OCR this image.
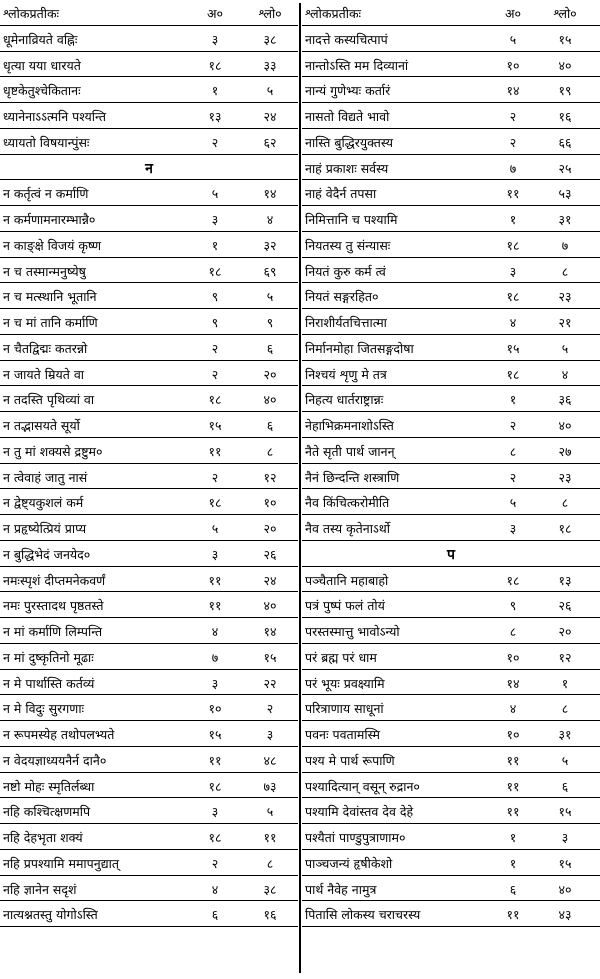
श्लोकप्रतीकः	अ०	श्लो०
धूमेनाव्रियते वह्निः	३	३८
धृत्या यया धारयते	१८	३३
धृष्टकेतुश्चेकितानः	१	५
ध्यानेनाऽऽत्मनि पश्यन्ति	१३	२४
ध्यायतो विषयान्पुंसः	२	६२
न
न कर्तृत्वं न कर्माणि	५	१४
न कर्मणामनारम्भान्नै०	३	४
न काङ्क्षे विजयं कृष्ण	१	३२
न च तस्मान्मनुष्येषु	१८	६९
न च मत्स्थानि भूतानि	९	५
न च मां तानि कर्माणि	९	९
न चैतद्विद्मः कतरन्नो	२	६
न जायते म्रियते वा	२	२०
न तदस्ति पृथिव्यां वा	१८	४०
न तद्भासयते सूर्यो	१५	६
न तु मां शक्यसे द्रष्टुम०	११	८
न त्वेवाहं जातु नासं	२	१२
न द्वेष्ट्यकुशलं कर्म	१८	१०
न प्रहृष्येत्प्रियं प्राप्य	५	२०
न बुद्धिभेदं जनयेद०	३	२६
नमःस्पृशं दीप्तमनेकवर्णं	११	२४
नमः पुरस्तादथ पृष्ठतस्ते	११	४०
न मां कर्माणि लिम्पन्ति	४	१४
न मां दुष्कृतिनो मूढाः	७	१५
न मे पार्थास्ति कर्तव्यं	३	२२
न मे विदुः सुरगणाः	१०	२
न रूपमस्येह तथोपलभ्यते	१५	३
न वेदयज्ञाध्ययनैर्न दानै०	११	४८
नष्टो मोहः स्मृतिर्लब्धा	१८	७३
नहि कश्चित्क्षणमपि	३	५
नहि देहभृता शक्यं	१८	११
नहि प्रपश्यामि ममापनुद्यात्	२	८
नहि ज्ञानेन सदृशं	४	३८
नात्यश्नतस्तु योगोऽस्ति	६	१६
श्लोकप्रतीकः	अ०	श्लो०
नादत्ते कस्यचित्पापं	५	१५
नान्तोऽस्ति मम दिव्यानां	१०	४०
नान्यं गुणेभ्यः कर्तारं	१४	१९
नासतो विद्यते भावो	२	१६
नास्ति बुद्धिरयुक्तस्य	२	६६
नाहं प्रकाशः सर्वस्य	७	२५
नाहं वेदैर्न तपसा	११	५३
निमित्तानि च पश्यामि	१	३१
नियतस्य तु संन्यासः	१८	७
नियतं कुरु कर्म त्वं	३	८
नियतं सङ्गरहित०	१८	२३
निराशीर्यतचित्तात्मा	४	२१
निर्मानमोहा जितसङ्गदोषा	१५	५
निश्चयं शृणु मे तत्र	१८	४
निहत्य धार्तराष्ट्रान्नः	१	३६
नेहाभिक्रमनाशोऽस्ति	२	४०
नैते सृती पार्थ जानन्	८	२७
नैनं छिन्दन्ति शस्त्राणि	२	२३
नैव किंचित्करोमीति	५	८
नैव तस्य कृतेनाऽर्थो	३	१८
प
पञ्चैतानि महाबाहो	१८	१३
पत्रं पुष्पं फलं तोयं	९	२६
परस्तस्मात्तु भावोऽन्यो	८	२०
परं ब्रह्म परं धाम	१०	१२
परं भूयः प्रवक्ष्यामि	१४	१
परित्राणाय साधूनां	४	८
पवनः पवतामस्मि	१०	३१
पश्य मे पार्थ रूपाणि	११	५
पश्यादित्यान् वसून् रुद्रान०	११	६
पश्यामि देवांस्तव देव देहे	११	१५
पश्यैतां पाण्डुपुत्राणाम०	१	३
पाञ्चजन्यं हृषीकेशो	१	१५
पार्थ नैवेह नामुत्र	६	४०
पितासि लोकस्य चराचरस्य	११	४३
